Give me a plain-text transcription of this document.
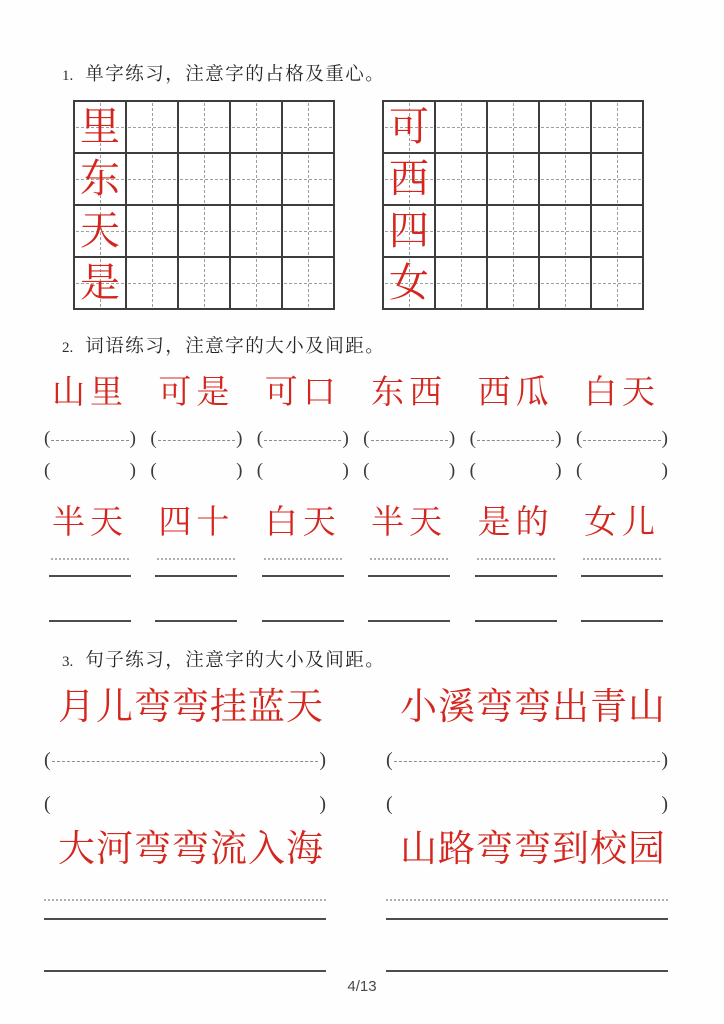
1. 单字练习，注意字的占格及重心。
里
东
天
是
可
西
四
女
2. 词语练习，注意字的大小及间距。
山里
(	)
(	)
可是
(	)
(	)
可口
(	)
(	)
东西
(	)
(	)
西瓜
(	)
(	)
白天
(	)
(	)
半天 四十 白天 半天 是的 女儿
3. 句子练习，注意字的大小及间距。
月儿弯弯挂蓝天
(	)
(	)
小溪弯弯出青山
(	)
(	)
大河弯弯流入海	山路弯弯到校园
4/13
